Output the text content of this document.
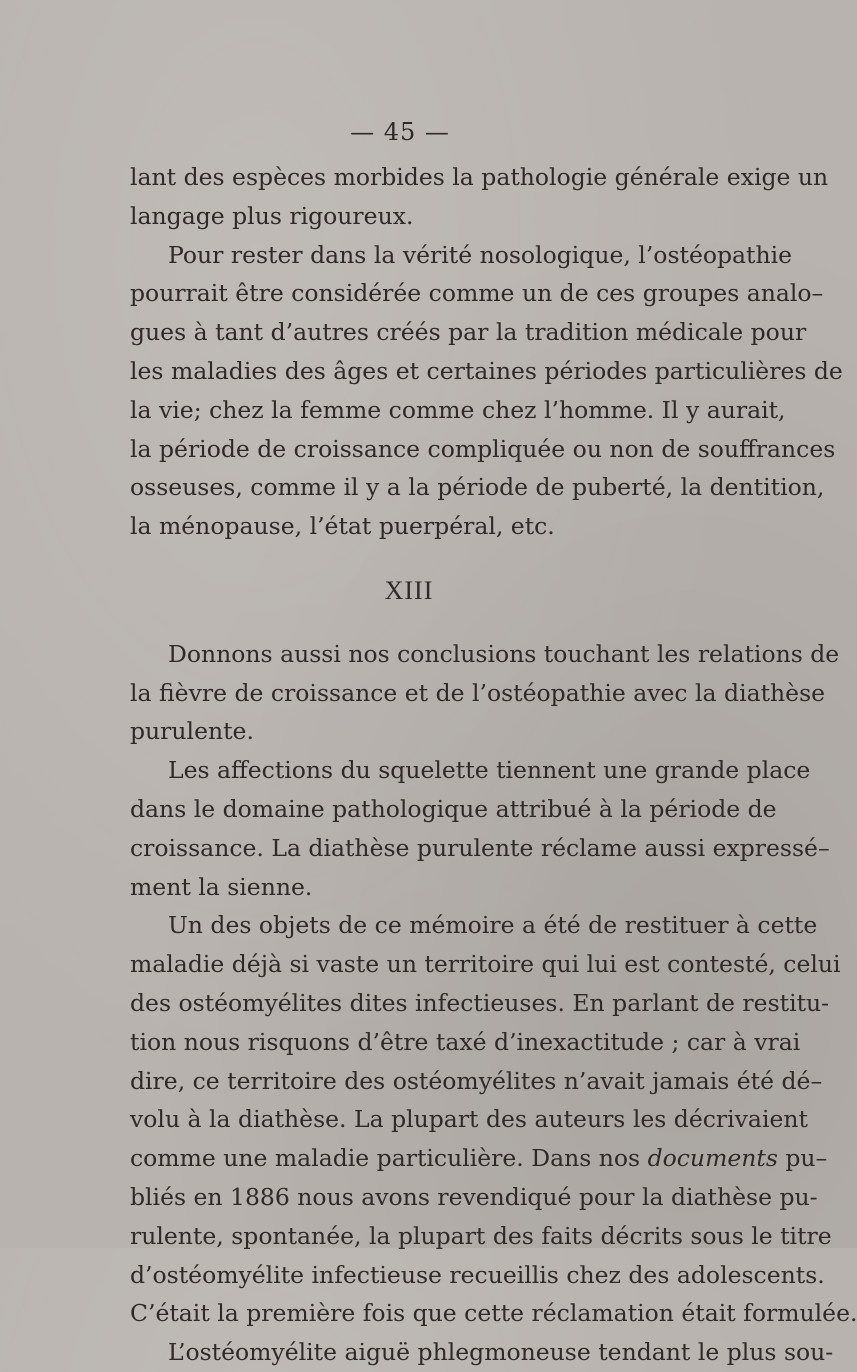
— 45 —
lant des espèces morbides la pathologie générale exige un
langage plus rigoureux.
Pour rester dans la vérité nosologique, l’ostéopathie
pourrait être considérée comme un de ces groupes analo–
gues à tant d’autres créés par la tradition médicale pour
les maladies des âges et certaines périodes particulières de
la vie; chez la femme comme chez l’homme. Il y aurait,
la période de croissance compliquée ou non de souffrances
osseuses, comme il y a la période de puberté, la dentition,
la ménopause, l’état puerpéral, etc.
XIII
Donnons aussi nos conclusions touchant les relations de
la fièvre de croissance et de l’ostéopathie avec la diathèse
purulente.
Les affections du squelette tiennent une grande place
dans le domaine pathologique attribué à la période de
croissance. La diathèse purulente réclame aussi expressé–
ment la sienne.
Un des objets de ce mémoire a été de restituer à cette
maladie déjà si vaste un territoire qui lui est contesté, celui
des ostéomyélites dites infectieuses. En parlant de restitu-
tion nous risquons d’être taxé d’inexactitude ; car à vrai
dire, ce territoire des ostéomyélites n’avait jamais été dé–
volu à la diathèse. La plupart des auteurs les décrivaient
comme une maladie particulière. Dans nos documents pu–
bliés en 1886 nous avons revendiqué pour la diathèse pu-
rulente, spontanée, la plupart des faits décrits sous le titre
d’ostéomyélite infectieuse recueillis chez des adolescents.
C’était la première fois que cette réclamation était formulée.
L’ostéomyélite aiguë phlegmoneuse tendant le plus sou-
